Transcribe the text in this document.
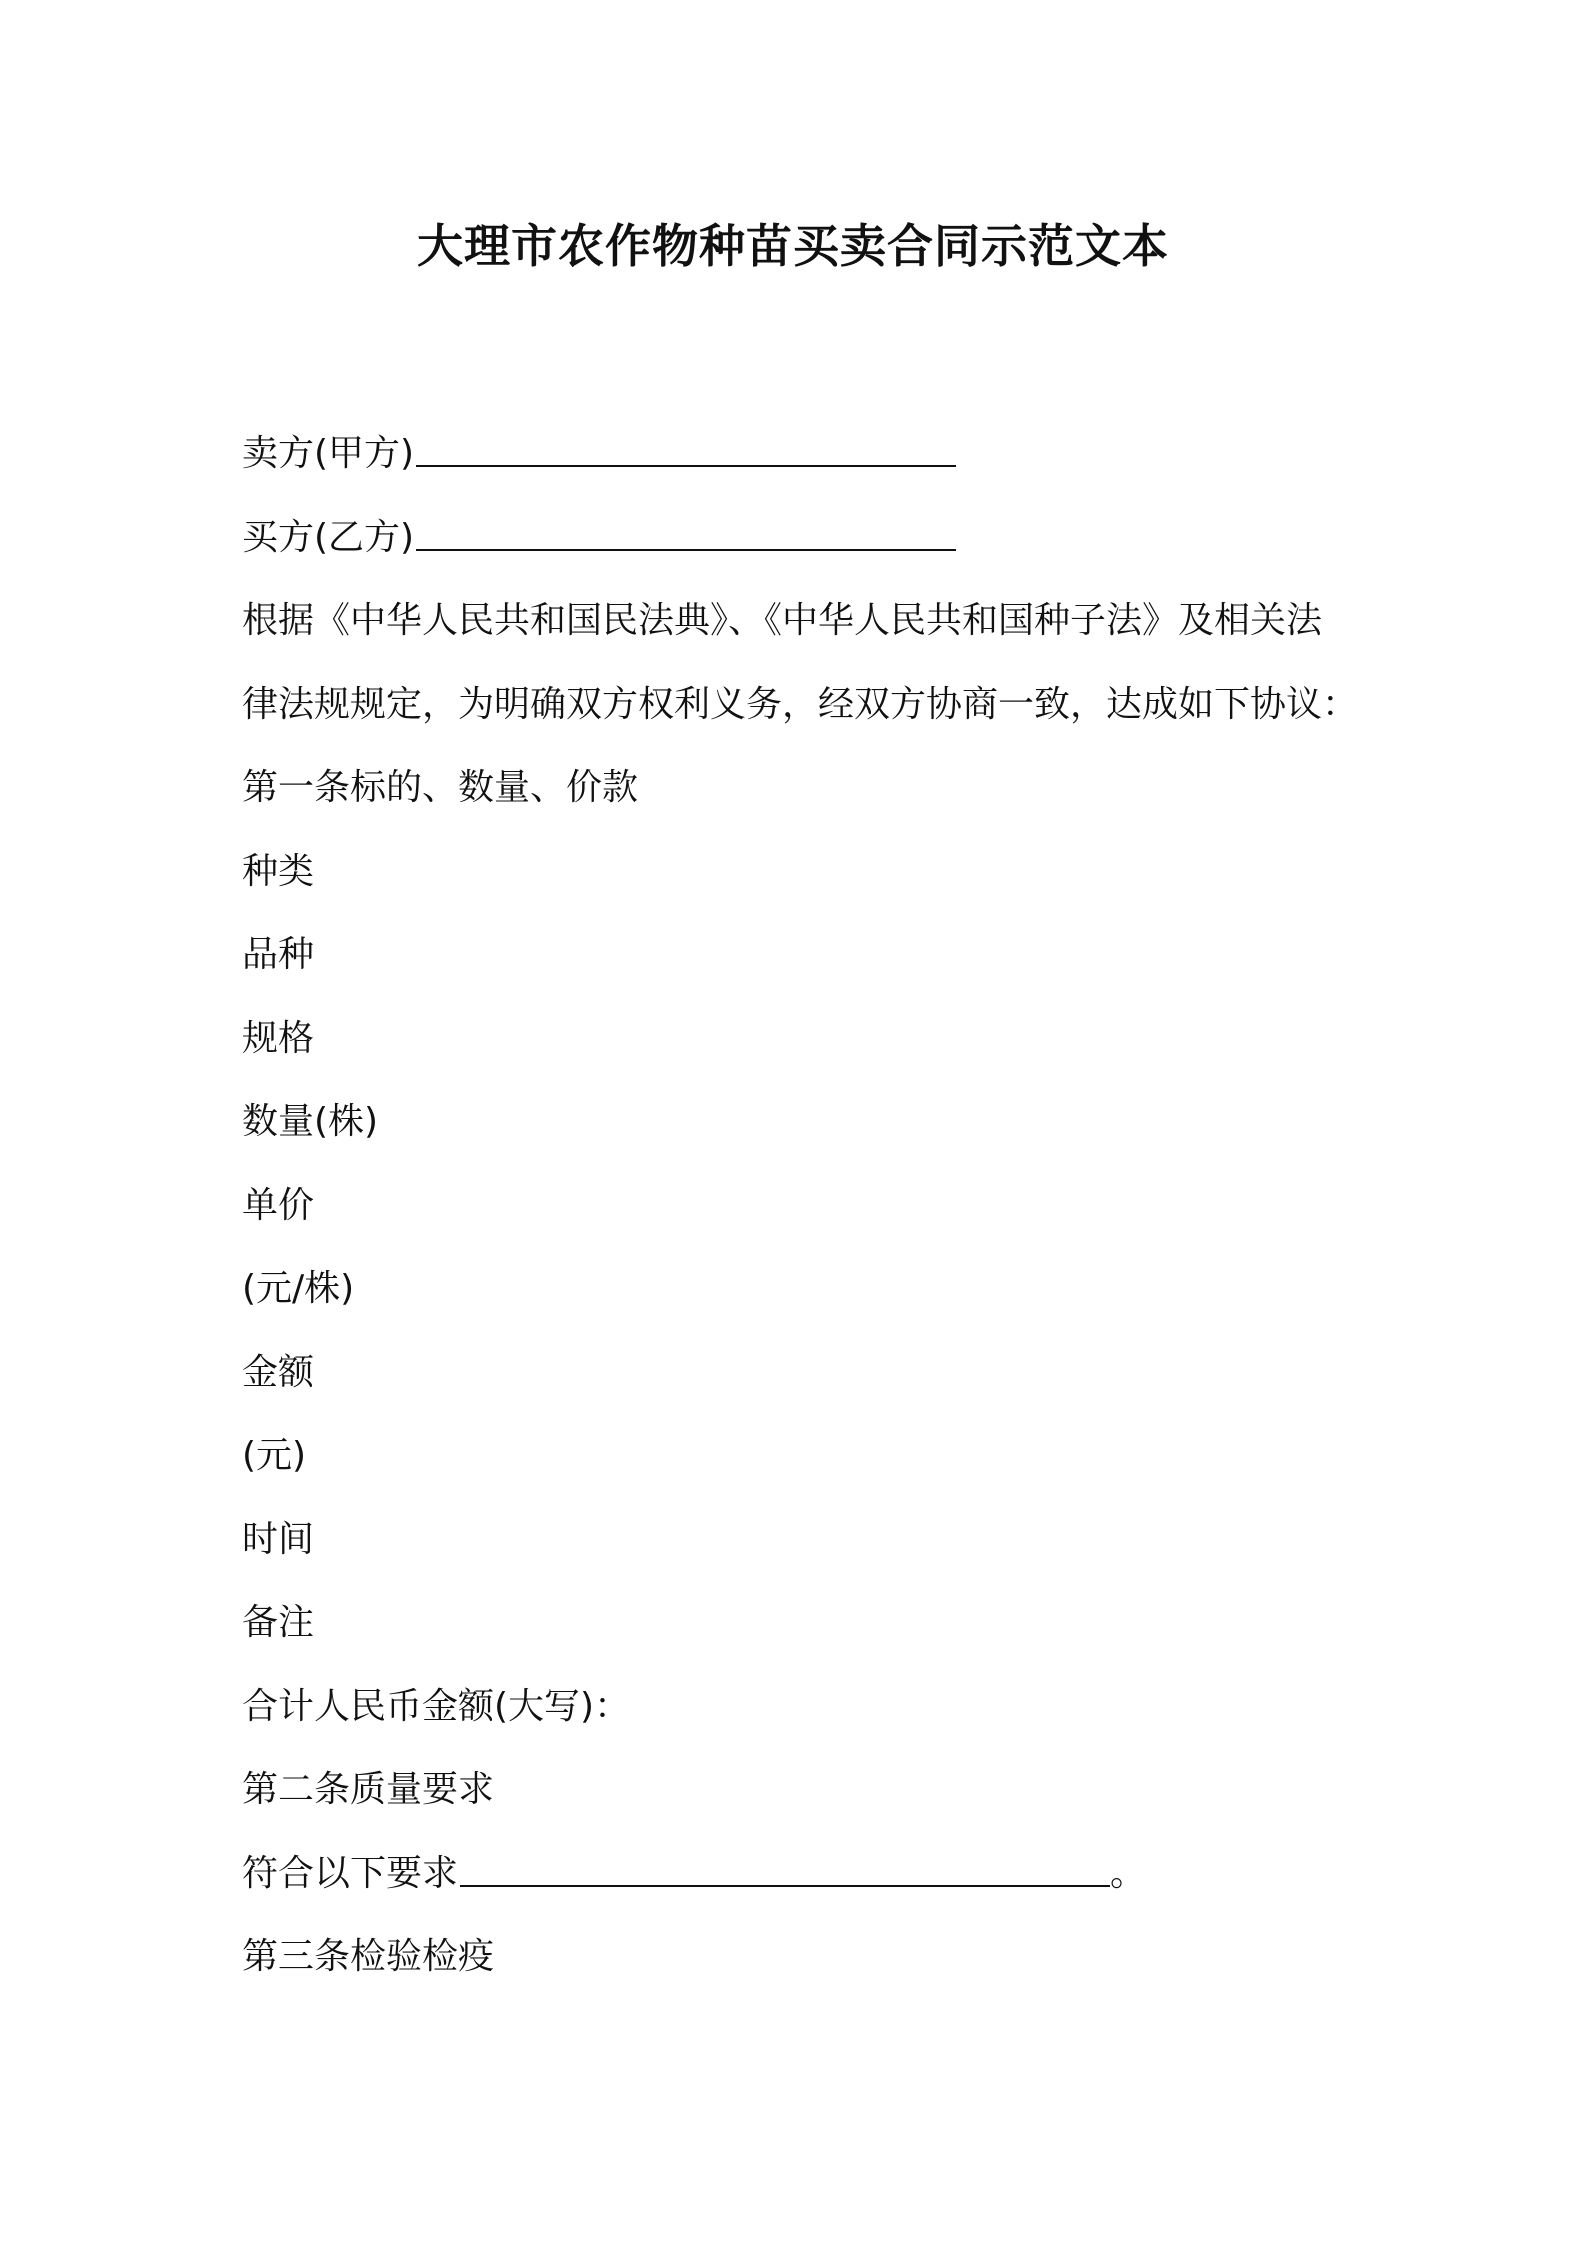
大理市农作物种苗买卖合同示范文本
卖方(甲方)
买方(乙方)
根据《中华人民共和国民法典》、《中华人民共和国种子法》及相关法
律法规规定，为明确双方权利义务，经双方协商一致，达成如下协议：
第一条标的、数量、价款
种类
品种
规格
数量(株)
单价
(元/株)
金额
(元)
时间
备注
合计人民币金额(大写)：
第二条质量要求
符合以下要求	。
第三条检验检疫
